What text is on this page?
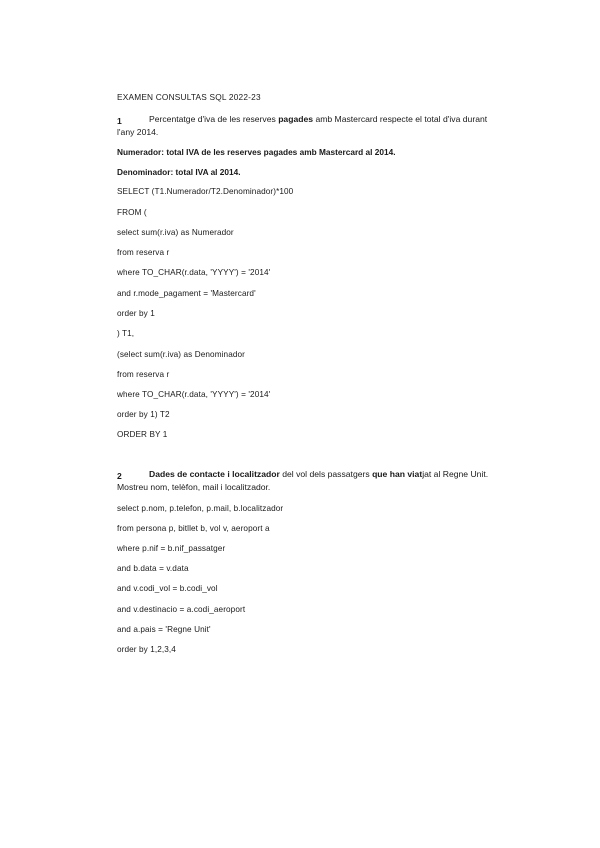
EXAMEN CONSULTAS SQL 2022-23
1	Percentatge d'iva de les reserves pagades amb Mastercard respecte el total d'iva durant l'any 2014.
Numerador: total IVA de les reserves pagades amb Mastercard al 2014.
Denominador: total IVA al 2014.
SELECT (T1.Numerador/T2.Denominador)*100
FROM (
select sum(r.iva) as Numerador
from reserva r
where TO_CHAR(r.data, 'YYYY') = '2014'
and r.mode_pagament = 'Mastercard'
order by 1
) T1,
(select sum(r.iva) as Denominador
from reserva r
where TO_CHAR(r.data, 'YYYY') = '2014'
order by 1) T2
ORDER BY 1
2	Dades de contacte i localitzador del vol dels passatgers que han viatjat al Regne Unit. Mostreu nom, telèfon, mail i localitzador.
select p.nom, p.telefon, p.mail, b.localitzador
from persona p, bitllet b, vol v, aeroport a
where p.nif = b.nif_passatger
and b.data = v.data
and v.codi_vol = b.codi_vol
and v.destinacio = a.codi_aeroport
and a.pais = 'Regne Unit'
order by 1,2,3,4
